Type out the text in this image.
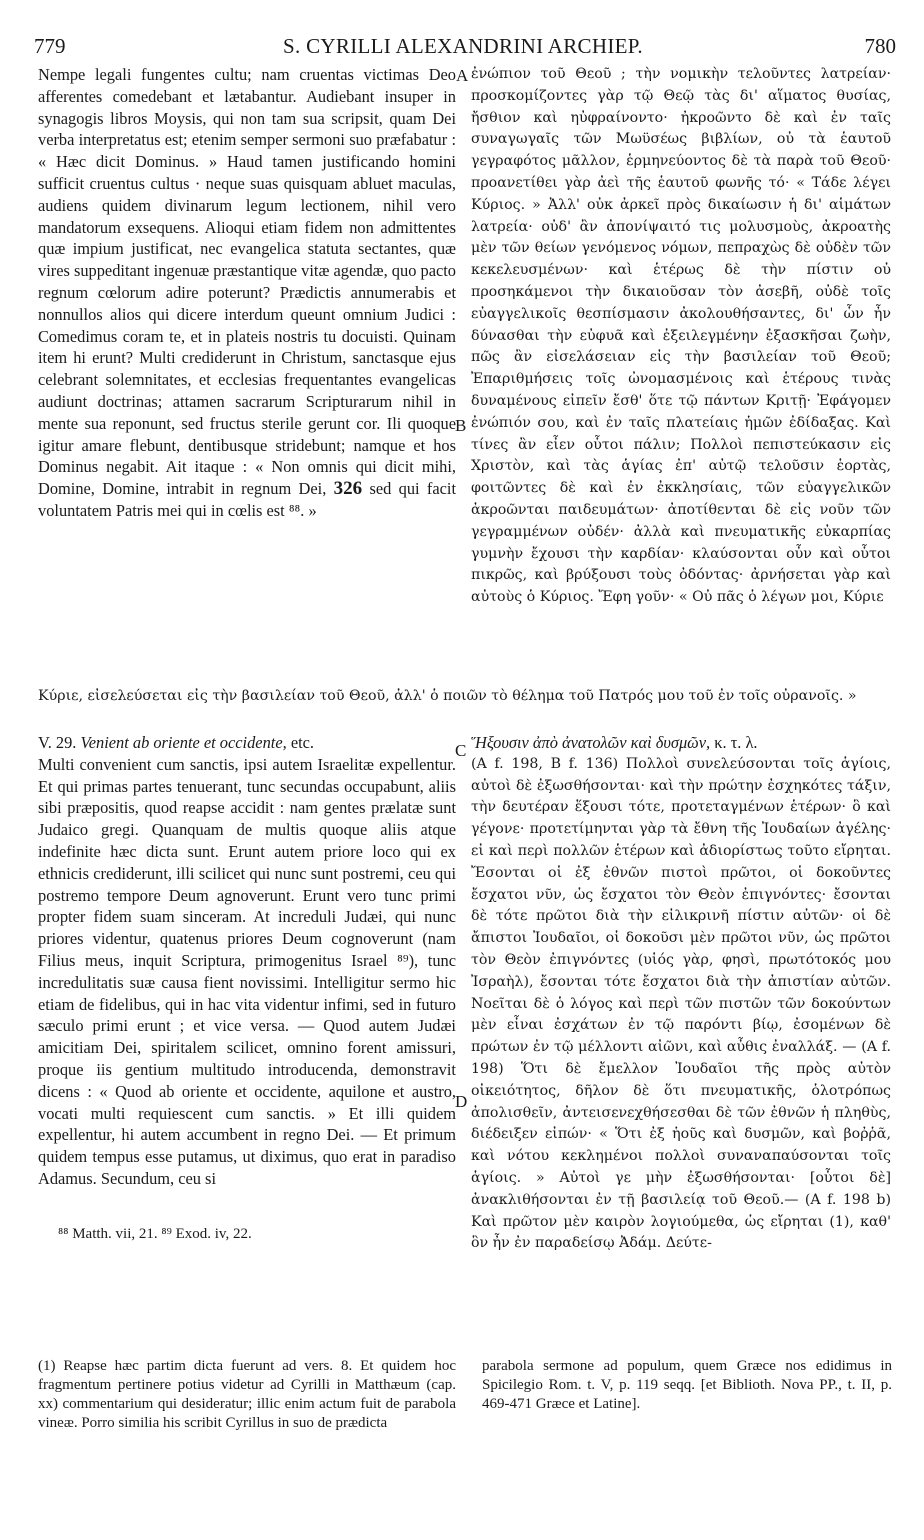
779	S. CYRILLI ALEXANDRINI ARCHIEP.	780
A
B
C
D

Nempe legali fungentes cultu; nam cruentas victimas Deo afferentes comedebant et lætabantur. Audiebant insuper in synagogis libros Moysis, qui non tam sua scripsit, quam Dei verba interpretatus est; etenim semper sermoni suo præfabatur : « Hæc dicit Dominus. » Haud tamen justificando homini sufficit cruentus cultus · neque suas quisquam abluet maculas, audiens quidem divinarum legum lectionem, nihil vero mandatorum exsequens. Alioqui etiam fidem non admittentes quæ impium justificat, nec evangelica statuta sectantes, quæ vires suppeditant ingenuæ præstantique vitæ agendæ, quo pacto regnum cœlorum adire poterunt? Prædictis annumerabis et nonnullos alios qui dicere interdum queunt omnium Judici : Comedimus coram te, et in plateis nostris tu docuisti. Quinam item hi erunt? Multi crediderunt in Christum, sanctasque ejus celebrant solemnitates, et ecclesias frequentantes evangelicas audiunt doctrinas; attamen sacrarum Scripturarum nihil in mente sua reponunt, sed fructus sterile gerunt cor. Ili quoque igitur amare flebunt, dentibusque stridebunt; namque et hos Dominus negabit. Ait itaque : « Non omnis qui dicit mihi, Domine, Domine, intrabit in regnum Dei, 326 sed qui facit voluntatem Patris mei qui in cœlis est ⁸⁸. »

ἐνώπιον τοῦ Θεοῦ ; τὴν νομικὴν τελοῦντες λατρείαν· προσκομίζοντες γὰρ τῷ Θεῷ τὰς δι' αἵματος θυσίας, ἤσθιον καὶ ηὐφραίνοντο· ἠκροῶντο δὲ καὶ ἐν ταῖς συναγωγαῖς τῶν Μωϋσέως βιβλίων, οὐ τὰ ἑαυτοῦ γεγραφότος μᾶλλον, ἑρμηνεύοντος δὲ τὰ παρὰ τοῦ Θεοῦ· προανετίθει γὰρ ἀεὶ τῆς ἑαυτοῦ φωνῆς τό· « Τάδε λέγει Κύριος. » Ἀλλ' οὐκ ἀρκεῖ πρὸς δικαίωσιν ἡ δι' αἱμάτων λατρεία· οὐδ' ἂν ἀπονίψαιτό τις μολυσμοὺς, ἀκροατὴς μὲν τῶν θείων γενόμενος νόμων, πεπραχὼς δὲ οὐδὲν τῶν κεκελευσμένων· καὶ ἑτέρως δὲ τὴν πίστιν οὐ προσηκάμενοι τὴν δικαιοῦσαν τὸν ἀσεβῆ, οὐδὲ τοῖς εὐαγγελικοῖς θεσπίσμασιν ἀκολουθήσαντες, δι' ὧν ἦν δύνασθαι τὴν εὐφυᾶ καὶ ἐξειλεγμένην ἐξασκῆσαι ζωὴν, πῶς ἂν εἰσελάσειαν εἰς τὴν βασιλείαν τοῦ Θεοῦ; Ἐπαριθμήσεις τοῖς ὠνομασμένοις καὶ ἑτέρους τινὰς δυναμένους εἰπεῖν ἔσθ' ὅτε τῷ πάντων Κριτῇ· Ἐφάγομεν ἐνώπιόν σου, καὶ ἐν ταῖς πλατείαις ἡμῶν ἐδίδαξας. Καὶ τίνες ἂν εἶεν οὗτοι πάλιν; Πολλοὶ πεπιστεύκασιν εἰς Χριστὸν, καὶ τὰς ἁγίας ἐπ' αὐτῷ τελοῦσιν ἑορτὰς, φοιτῶντες δὲ καὶ ἐν ἐκκλησίαις, τῶν εὐαγγελικῶν ἀκροῶνται παιδευμάτων· ἀποτίθενται δὲ εἰς νοῦν τῶν γεγραμμένων οὐδέν· ἀλλὰ καὶ πνευματικῆς εὐκαρπίας γυμνὴν ἔχουσι τὴν καρδίαν· κλαύσονται οὖν καὶ οὗτοι πικρῶς, καὶ βρύξουσι τοὺς ὀδόντας· ἀρνήσεται γὰρ καὶ αὐτοὺς ὁ Κύριος. Ἔφη γοῦν· « Οὐ πᾶς ὁ λέγων μοι, Κύριε

Κύριε, εἰσελεύσεται εἰς τὴν βασιλείαν τοῦ Θεοῦ, ἀλλ' ὁ ποιῶν τὸ θέλημα τοῦ Πατρός μου τοῦ ἐν τοῖς οὐρανοῖς. »

V. 29. Venient ab oriente et occidente, etc.

Multi convenient cum sanctis, ipsi autem Israelitæ expellentur. Et qui primas partes tenuerant, tunc secundas occupabunt, aliis sibi præpositis, quod reapse accidit : nam gentes prælatæ sunt Judaico gregi. Quanquam de multis quoque aliis atque indefinite hæc dicta sunt. Erunt autem priore loco qui ex ethnicis crediderunt, illi scilicet qui nunc sunt postremi, ceu qui postremo tempore Deum agnoverunt. Erunt vero tunc primi propter fidem suam sinceram. At increduli Judæi, qui nunc priores videntur, quatenus priores Deum cognoverunt (nam Filius meus, inquit Scriptura, primogenitus Israel ⁸⁹), tunc incredulitatis suæ causa fient novissimi. Intelligitur sermo hic etiam de fidelibus, qui in hac vita videntur infimi, sed in futuro sæculo primi erunt ; et vice versa. — Quod autem Judæi amicitiam Dei, spiritalem scilicet, omnino forent amissuri, proque iis gentium multitudo introducenda, demonstravit dicens : « Quod ab oriente et occidente, aquilone et austro, vocati multi requiescent cum sanctis. » Et illi quidem expellentur, hi autem accumbent in regno Dei. — Et primum quidem tempus esse putamus, ut diximus, quo erat in paradiso Adamus. Secundum, ceu si

Ἥξουσιν ἀπὸ ἀνατολῶν καὶ δυσμῶν, κ. τ. λ.

(A f. 198, B f. 136) Πολλοὶ συνελεύσονται τοῖς ἁγίοις, αὐτοὶ δὲ ἐξωσθήσονται· καὶ τὴν πρώτην ἐσχηκότες τάξιν, τὴν δευτέραν ἕξουσι τότε, προτεταγμένων ἑτέρων· ὃ καὶ γέγονε· προτετίμηνται γὰρ τὰ ἔθνη τῆς Ἰουδαίων ἀγέλης· εἰ καὶ περὶ πολλῶν ἑτέρων καὶ ἀδιορίστως τοῦτο εἴρηται. Ἔσονται οἱ ἐξ ἐθνῶν πιστοὶ πρῶτοι, οἱ δοκοῦντες ἔσχατοι νῦν, ὡς ἔσχατοι τὸν Θεὸν ἐπιγνόντες· ἔσονται δὲ τότε πρῶτοι διὰ τὴν εἰλικρινῆ πίστιν αὐτῶν· οἱ δὲ ἄπιστοι Ἰουδαῖοι, οἱ δοκοῦσι μὲν πρῶτοι νῦν, ὡς πρῶτοι τὸν Θεὸν ἐπιγνόντες (υἱός γὰρ, φησὶ, πρωτότοκός μου Ἰσραὴλ), ἔσονται τότε ἔσχατοι διὰ τὴν ἀπιστίαν αὐτῶν. Νοεῖται δὲ ὁ λόγος καὶ περὶ τῶν πιστῶν τῶν δοκούντων μὲν εἶναι ἐσχάτων ἐν τῷ παρόντι βίῳ, ἐσομένων δὲ πρώτων ἐν τῷ μέλλοντι αἰῶνι, καὶ αὖθις ἐναλλάξ. — (A f. 198) Ὅτι δὲ ἔμελλον Ἰουδαῖοι τῆς πρὸς αὐτὸν οἰκειότητος, δῆλον δὲ ὅτι πνευματικῆς, ὁλοτρόπως ἀπολισθεῖν, ἀντεισενεχθήσεσθαι δὲ τῶν ἐθνῶν ἡ πληθὺς, διέδειξεν εἰπών· « Ὅτι ἐξ ἡοῦς καὶ δυσμῶν, καὶ βοῤῥᾶ, καὶ νότου κεκλημένοι πολλοὶ συναναπαύσονται τοῖς ἁγίοις. » Αὐτοὶ γε μὴν ἐξωσθήσονται· [οὗτοι δὲ] ἀνακλιθήσονται ἐν τῇ βασιλείᾳ τοῦ Θεοῦ.— (A f. 198 b) Καὶ πρῶτον μὲν καιρὸν λογιούμεθα, ὡς εἴρηται (1), καθ' ὃν ἦν ἐν παραδείσῳ Ἀδάμ. Δεύτε-

⁸⁸ Matth. vii, 21. ⁸⁹ Exod. iv, 22.

(1) Reapse hæc partim dicta fuerunt ad vers. 8. Et quidem hoc fragmentum pertinere potius videtur ad Cyrilli in Matthæum (cap. xx) commentarium qui desideratur; illic enim actum fuit de parabola vineæ. Porro similia his scribit Cyrillus in suo de prædicta

parabola sermone ad populum, quem Græce nos edidimus in Spicilegio Rom. t. V, p. 119 seqq. [et Biblioth. Nova PP., t. II, p. 469-471 Græce et Latine].
